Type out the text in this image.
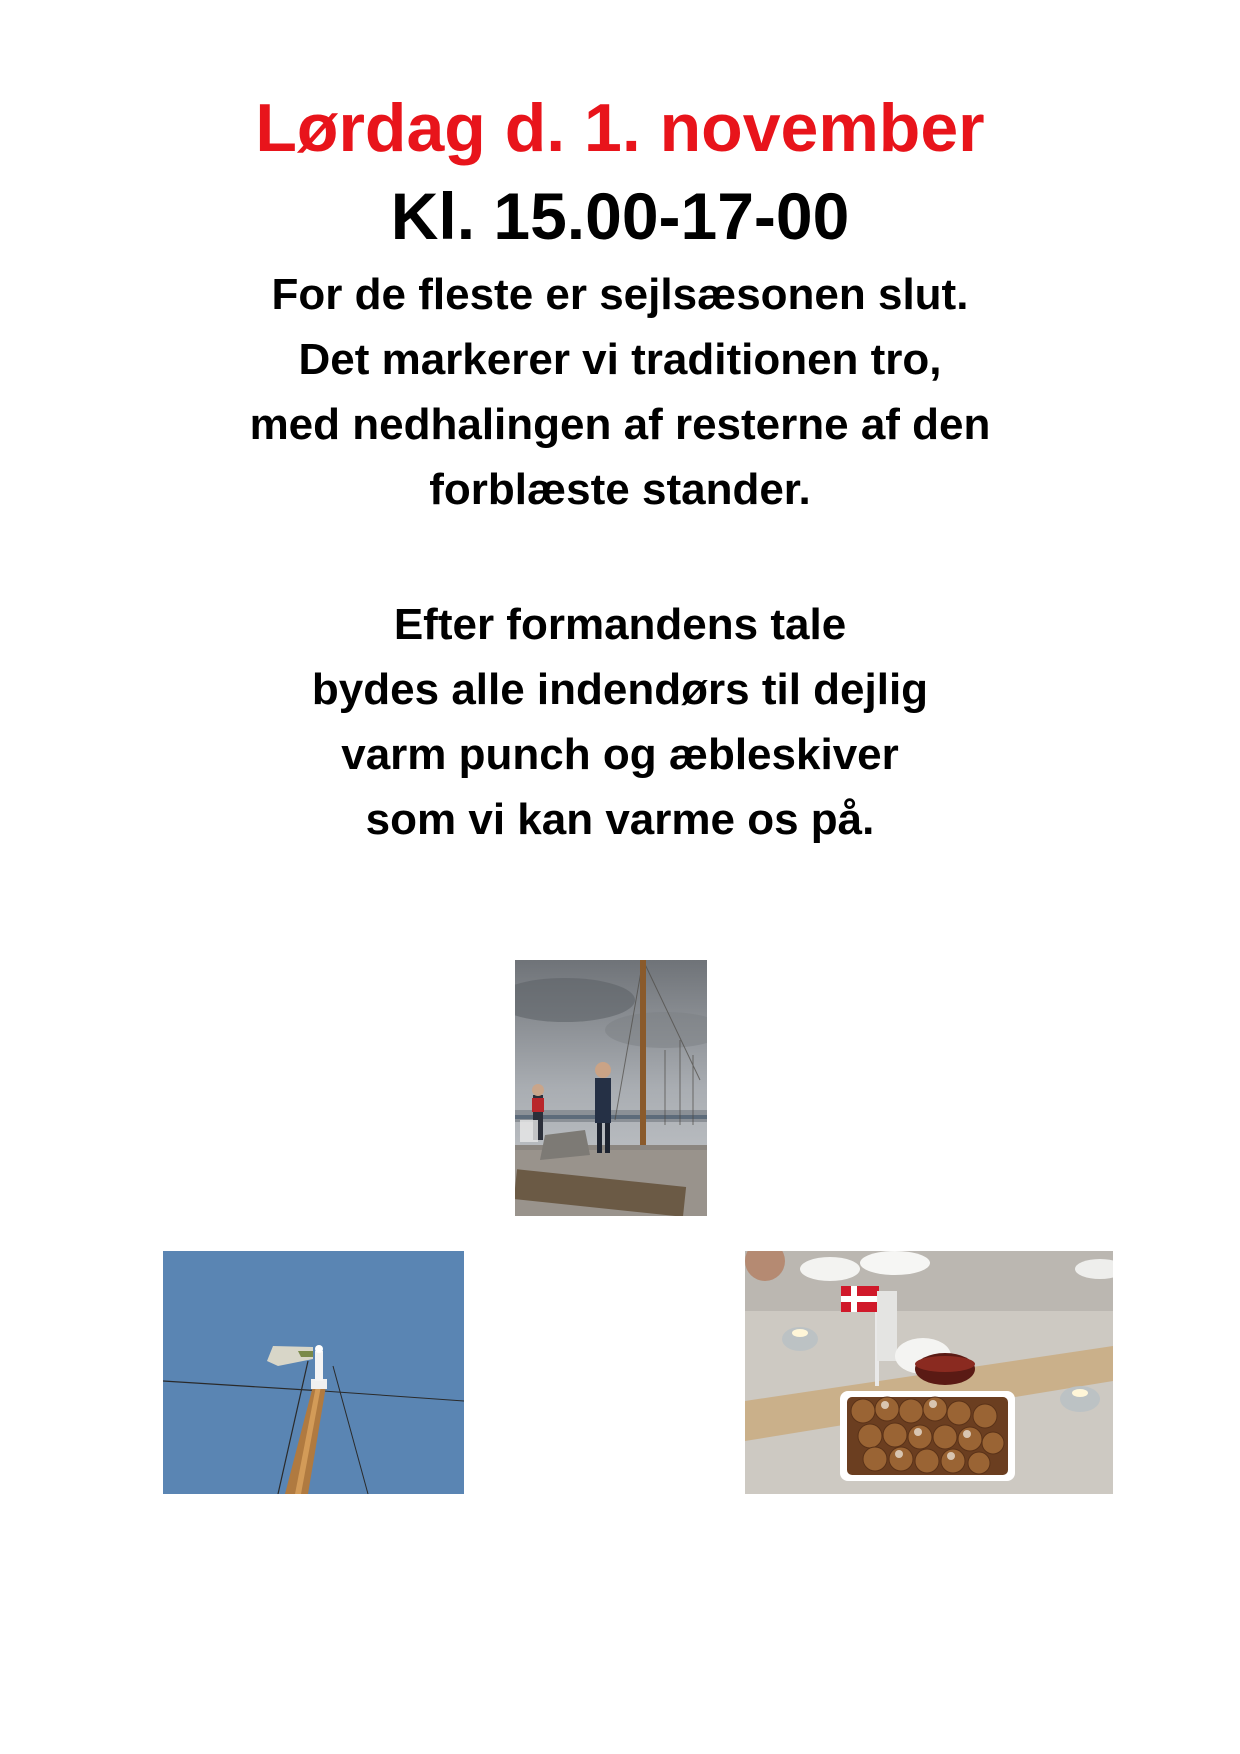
Lørdag d. 1. november
Kl. 15.00-17-00
For de fleste er sejlsæsonen slut.
Det markerer vi traditionen tro,
med nedhalingen af resterne af den
forblæste stander.
Efter formandens tale
bydes alle indendørs til dejlig
varm punch og æbleskiver
som vi kan varme os på.
